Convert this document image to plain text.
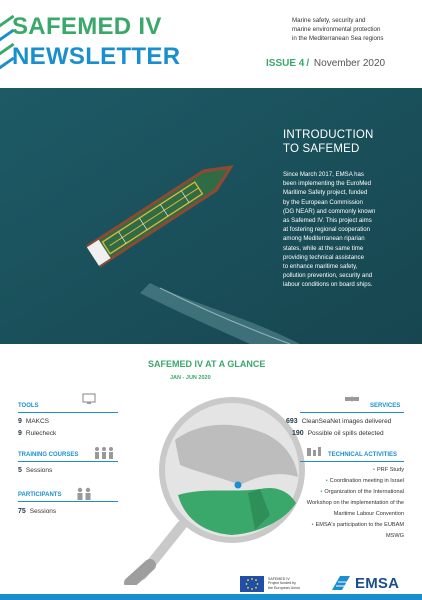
SAFEMED IV
NEWSLETTER
Marine safety, security and
marine environmental protection
in the Mediterranean Sea regions
ISSUE 4 / November 2020
INTRODUCTION
TO SAFEMED
Since March 2017, EMSA has
been implementing the EuroMed
Maritime Safety project, funded
by the European Commission
(DG NEAR) and commonly known
as Safemed IV. This project aims
at fostering regional cooperation
among Mediterranean riparian
states, while at the same time
providing technical assistance
to enhance maritime safety,
pollution prevention, security and
labour conditions on board ships.
SAFEMED IV AT A GLANCE
JAN - JUN 2020
TOOLS
9 MAKCS
9 Rulecheck
TRAINING COURSES
5 Sessions
PARTICIPANTS
75 Sessions
SERVICES
693 CleanSeaNet images delivered
190 Possible oil spills detected
TECHNICAL ACTIVITIES
• PRF Study
• Coordination meeting in Israel
• Organization of the International
Workshop on the implementation of the
Maritime Labour Convention
• EMSA's participation to the EUBAM
MSWG
SAFEMED IV
Project funded by
the European Union	EMSA
